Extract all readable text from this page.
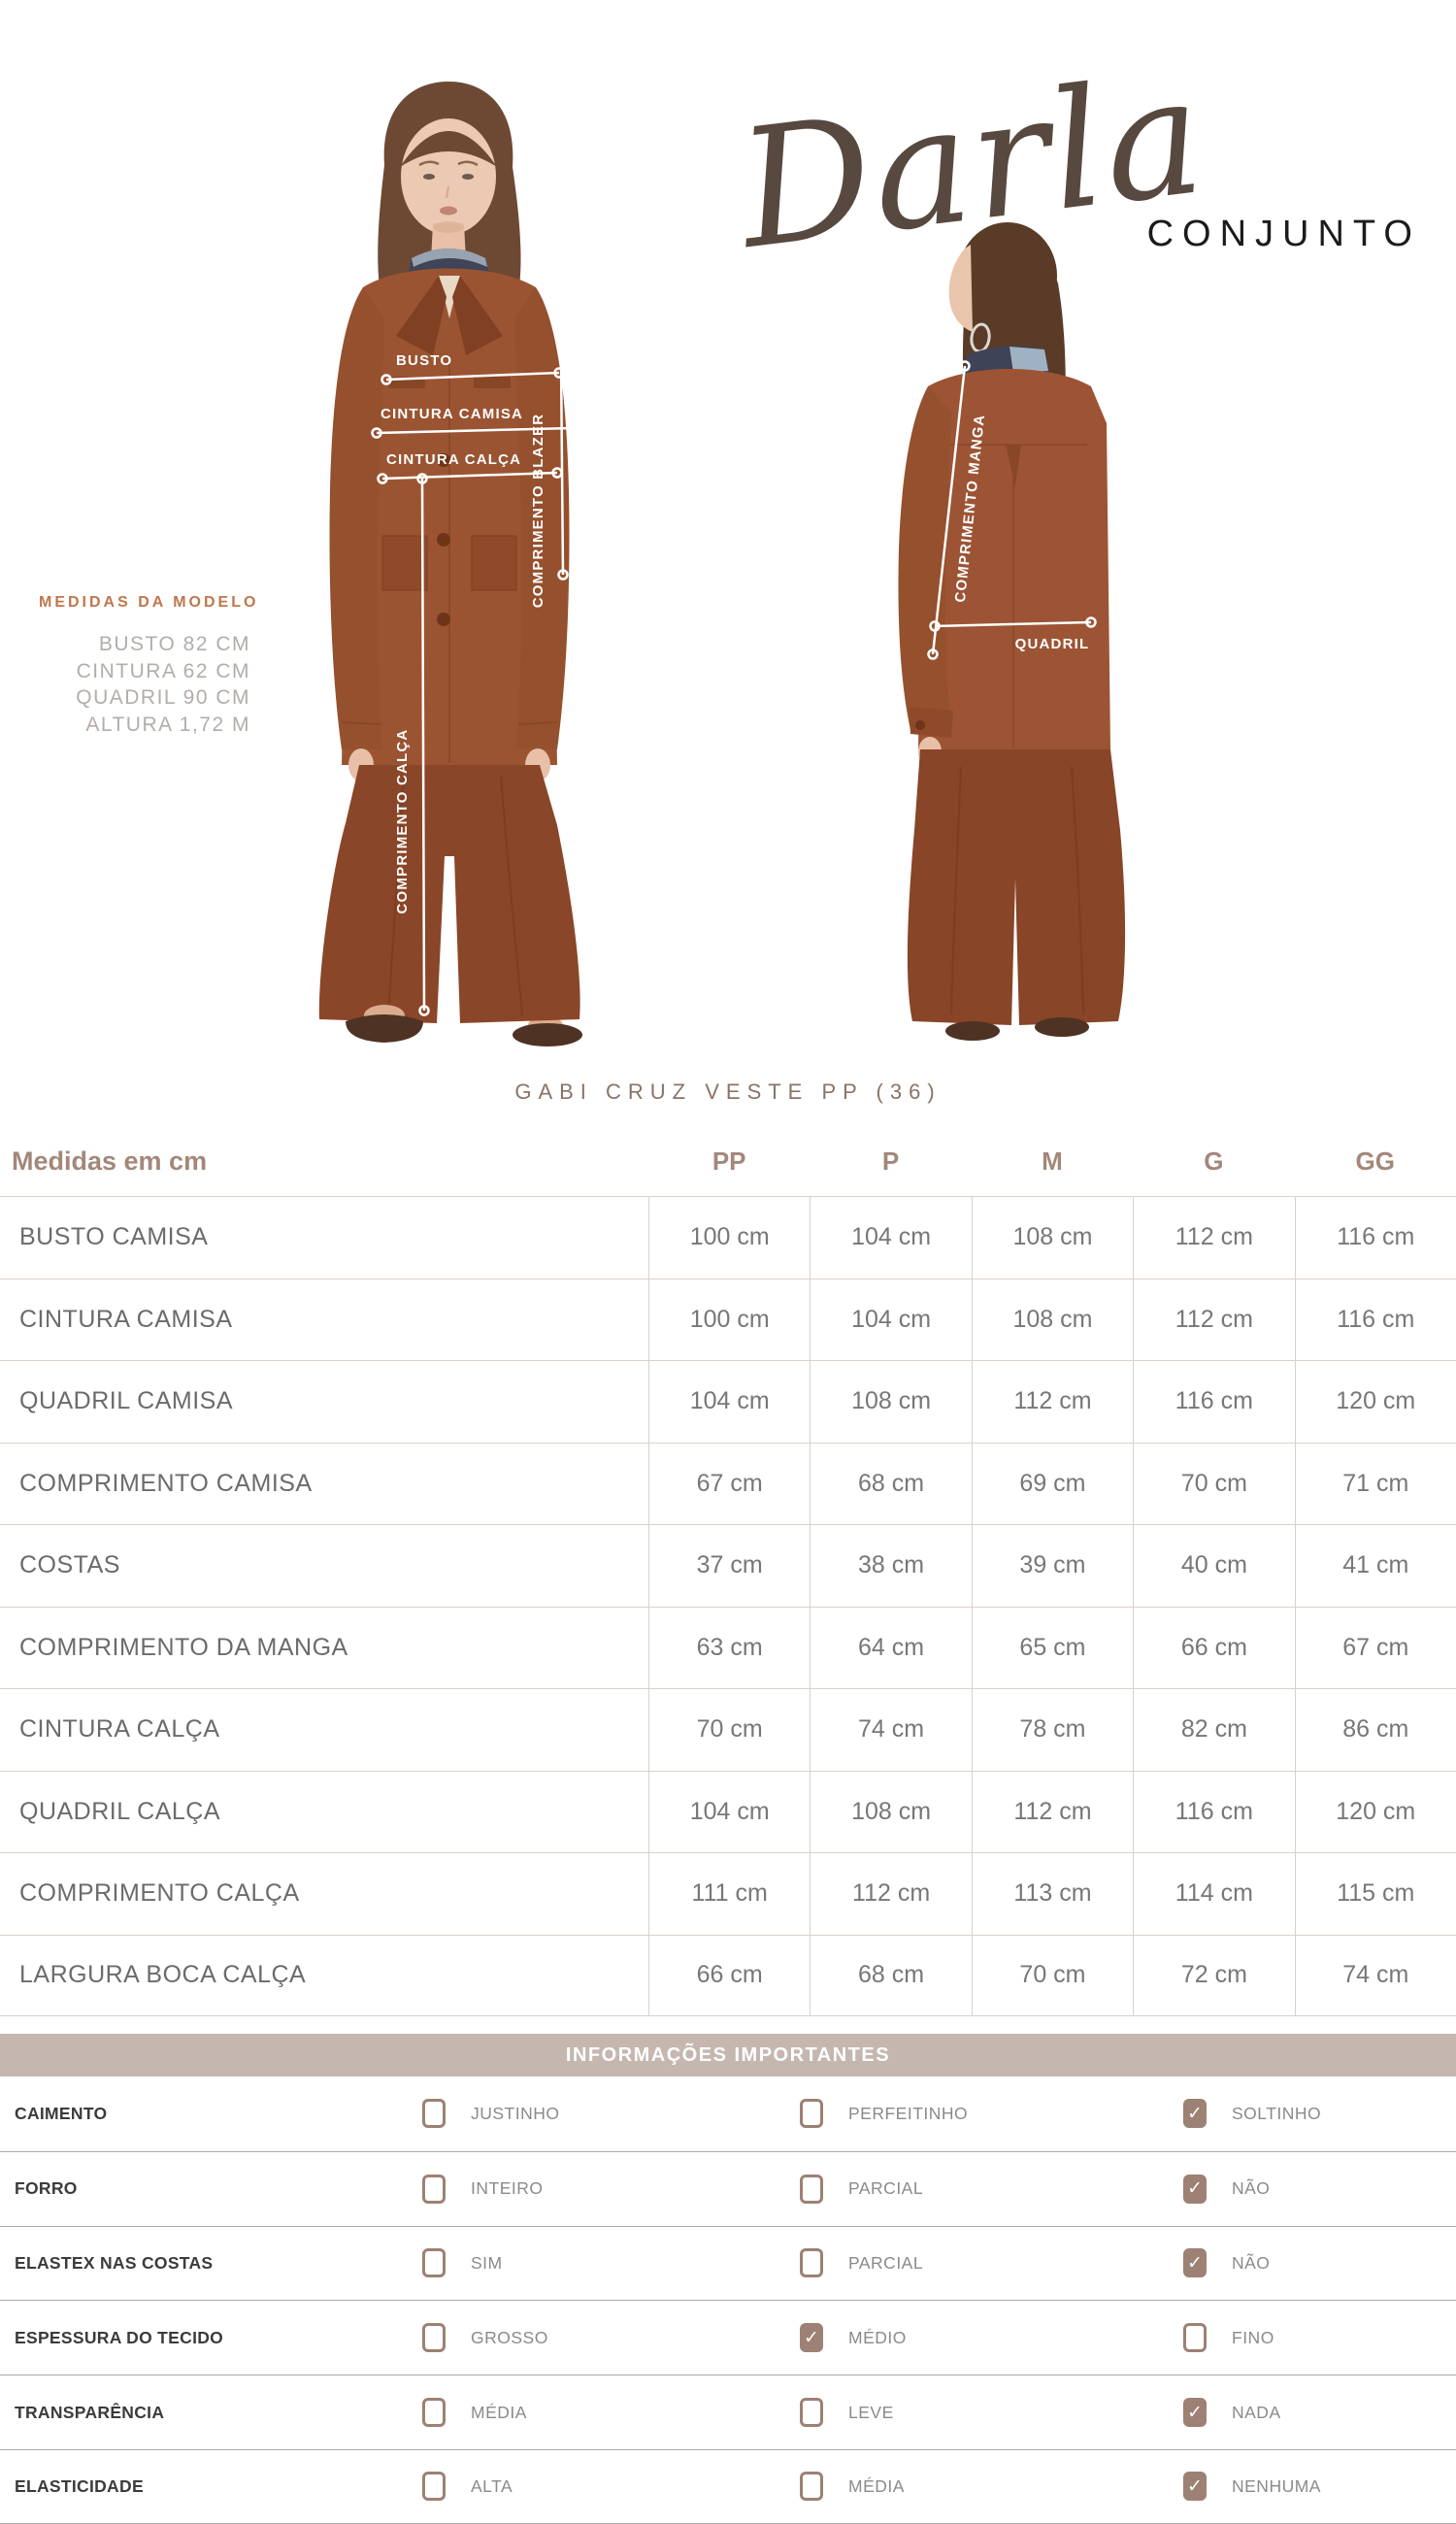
BUSTO
CINTURA CAMISA
CINTURA CALÇA COMPRIMENTO BLAZER
COMPRIMENTO CALÇA
COMPRIMENTO MANGA
QUADRIL
Darla
CONJUNTO
MEDIDAS DA MODELO
BUSTO 82 CM
CINTURA 62 CM
QUADRIL 90 CM
ALTURA 1,72 M
GABI CRUZ VESTE PP (36)
Medidas em cm	PP	P	M	G	GG
BUSTO CAMISA	100 cm	104 cm	108 cm	112 cm	116 cm
CINTURA CAMISA	100 cm	104 cm	108 cm	112 cm	116 cm
QUADRIL CAMISA	104 cm	108 cm	112 cm	116 cm	120 cm
COMPRIMENTO CAMISA	67 cm	68 cm	69 cm	70 cm	71 cm
COSTAS	37 cm	38 cm	39 cm	40 cm	41 cm
COMPRIMENTO DA MANGA	63 cm	64 cm	65 cm	66 cm	67 cm
CINTURA CALÇA	70 cm	74 cm	78 cm	82 cm	86 cm
QUADRIL CALÇA	104 cm	108 cm	112 cm	116 cm	120 cm
COMPRIMENTO CALÇA	111 cm	112 cm	113 cm	114 cm	115 cm
LARGURA BOCA CALÇA	66 cm	68 cm	70 cm	72 cm	74 cm
INFORMAÇÕES IMPORTANTES
CAIMENTO	JUSTINHO	PERFEITINHO	✓ SOLTINHO
FORRO	INTEIRO	PARCIAL	✓ NÃO
ELASTEX NAS COSTAS	SIM	PARCIAL	✓ NÃO
ESPESSURA DO TECIDO	GROSSO	✓ MÉDIO	FINO
TRANSPARÊNCIA	MÉDIA	LEVE	✓ NADA
ELASTICIDADE	ALTA	MÉDIA	✓ NENHUMA
